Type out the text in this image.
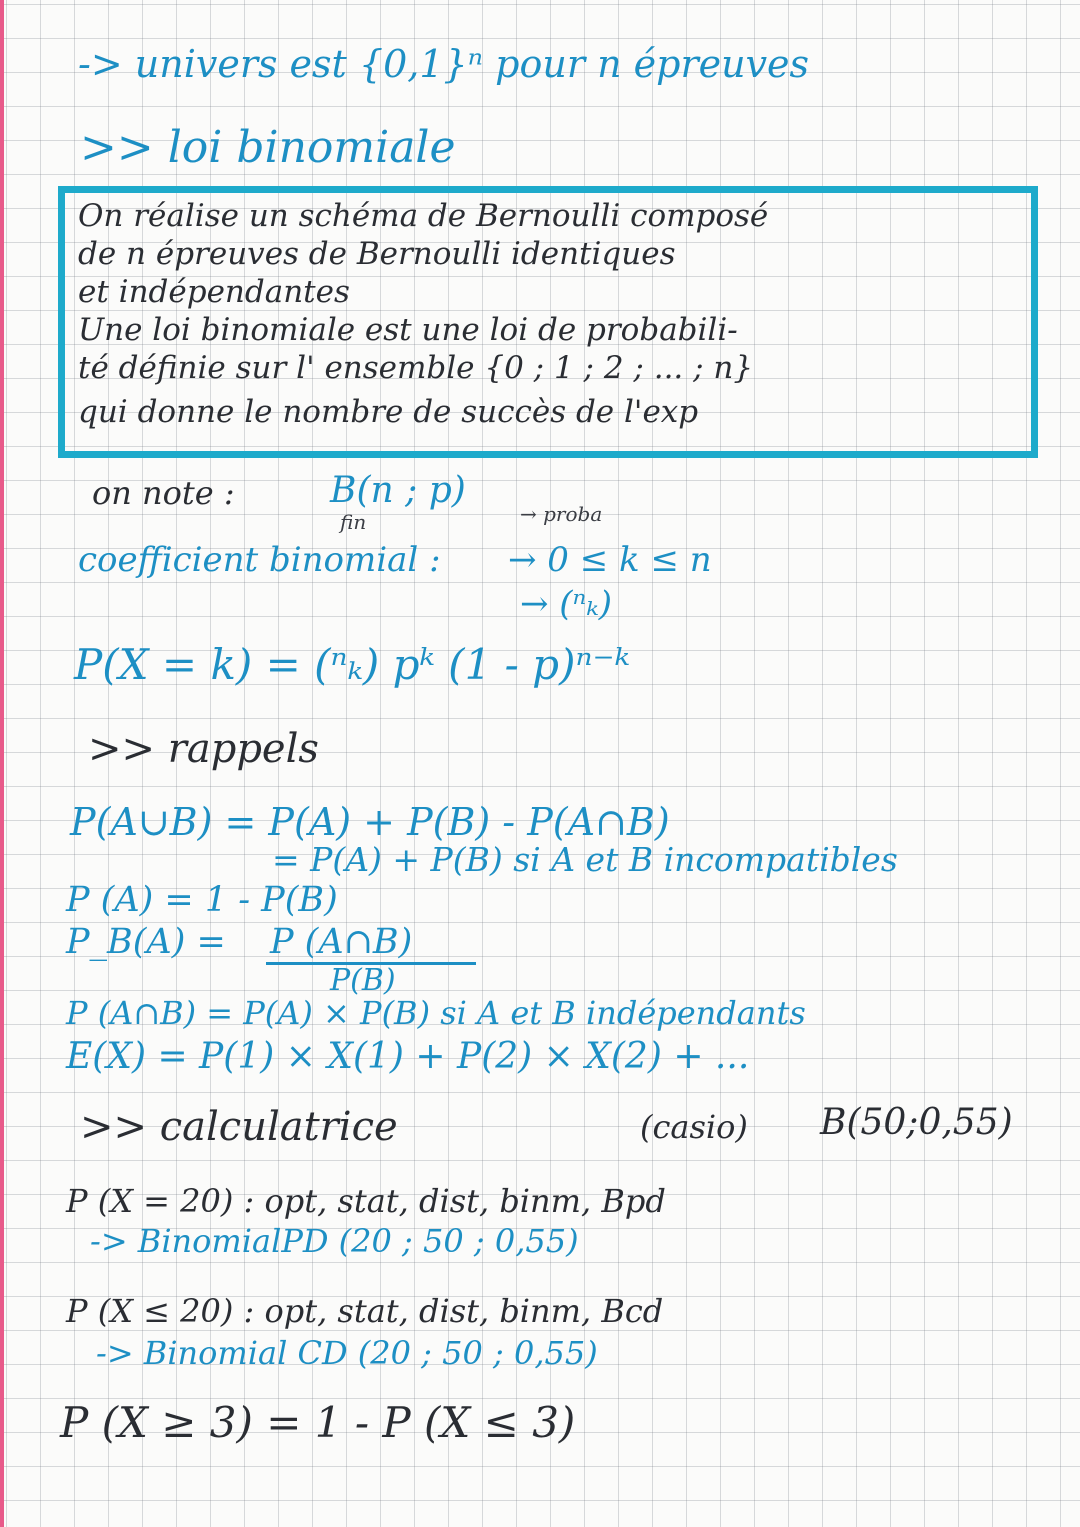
-> univers est {0,1}ⁿ pour n épreuves
>> loi binomiale
On réalise un schéma de Bernoulli composé
de n épreuves de Bernoulli identiques
et indépendantes
Une loi binomiale est une loi de probabili-
té définie sur l' ensemble {0 ; 1 ; 2 ; ... ; n}
qui donne le nombre de succès de l'exp
on note :	B(n ; p)
fin	→ proba
coefficient binomial : → 0 ≤ k ≤ n
→ (ⁿₖ)
P(X = k) = (ⁿₖ) pᵏ (1 - p)ⁿ⁻ᵏ
>> rappels
P(A∪B) = P(A) + P(B) - P(A∩B)
= P(A) + P(B) si A et B incompatibles
P (A) = 1 - P(B)
P_B(A) = P (A∩B)
P(B)
P (A∩B) = P(A) × P(B) si A et B indépendants
E(X) = P(1) × X(1) + P(2) × X(2) + ...
>> calculatrice	(casio) B(50;0,55)
P (X = 20) : opt, stat, dist, binm, Bpd
-> BinomialPD (20 ; 50 ; 0,55)
P (X ≤ 20) : opt, stat, dist, binm, Bcd
-> Binomial CD (20 ; 50 ; 0,55)
P (X ≥ 3) = 1 - P (X ≤ 3)
